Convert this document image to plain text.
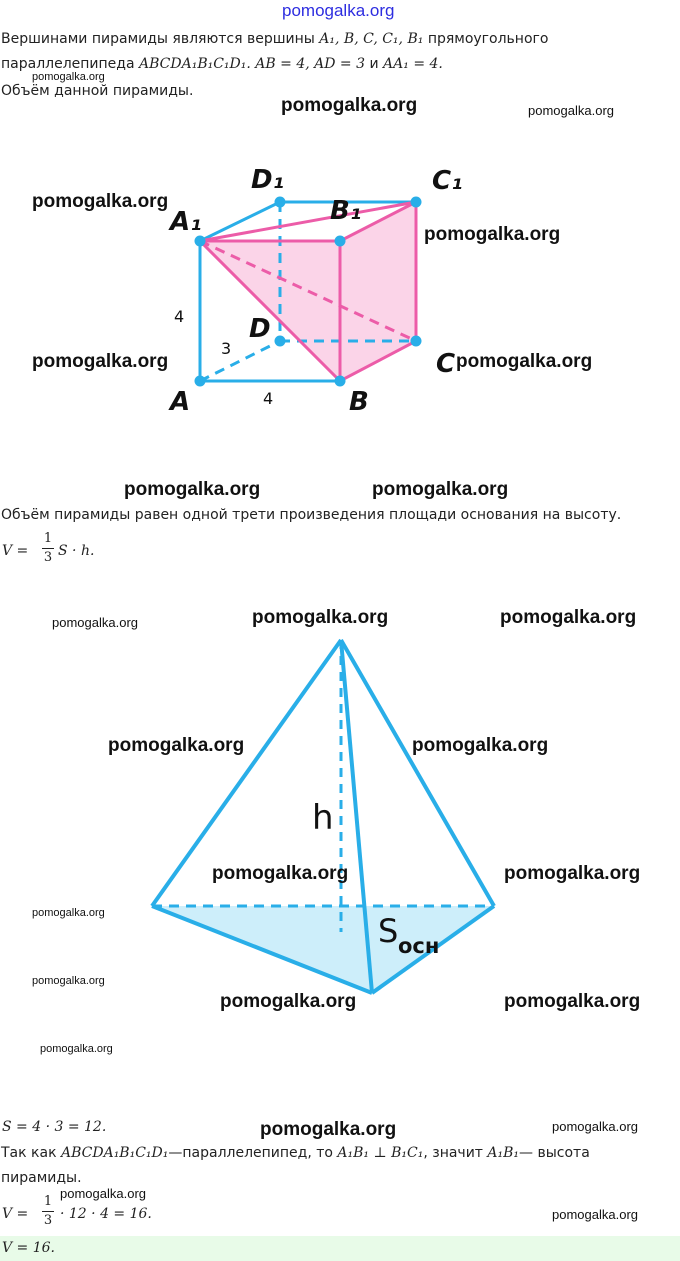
pomogalka.org
Вершинами пирамиды являются вершины A₁, B, C, C₁, B₁ прямоугольного
параллелепипеда ABCDA₁B₁C₁D₁. AB = 4, AD = 3 и AA₁ = 4.
Объём данной пирамиды.
A	B
C
D
A₁	B₁
C₁
D₁
4
3
4
Объём пирамиды равен одной трети произведения площади основания на высоту.
$V = \frac{1}{3}$ S · h.
h
S осн
S = 4 · 3 = 12.
Так как ABCDA₁B₁C₁D₁—параллелепипед, то A₁B₁ ⊥ B₁C₁, значит A₁B₁— высота
пирамиды.
$V = \frac{1}{3} \cdot 12 \cdot 4 = 16$.
V = 16.
pomogalka.org
pomogalka.org	pomogalka.org
pomogalka.org
pomogalka.org
pomogalka.org	pomogalka.org
pomogalka.org	pomogalka.org
pomogalka.org	pomogalka.org	pomogalka.org
pomogalka.org	pomogalka.org
pomogalka.org	pomogalka.org
pomogalka.org
pomogalka.org
pomogalka.org	pomogalka.org
pomogalka.org
pomogalka.org
pomogalka.org
pomogalka.org
pomogalka.org
